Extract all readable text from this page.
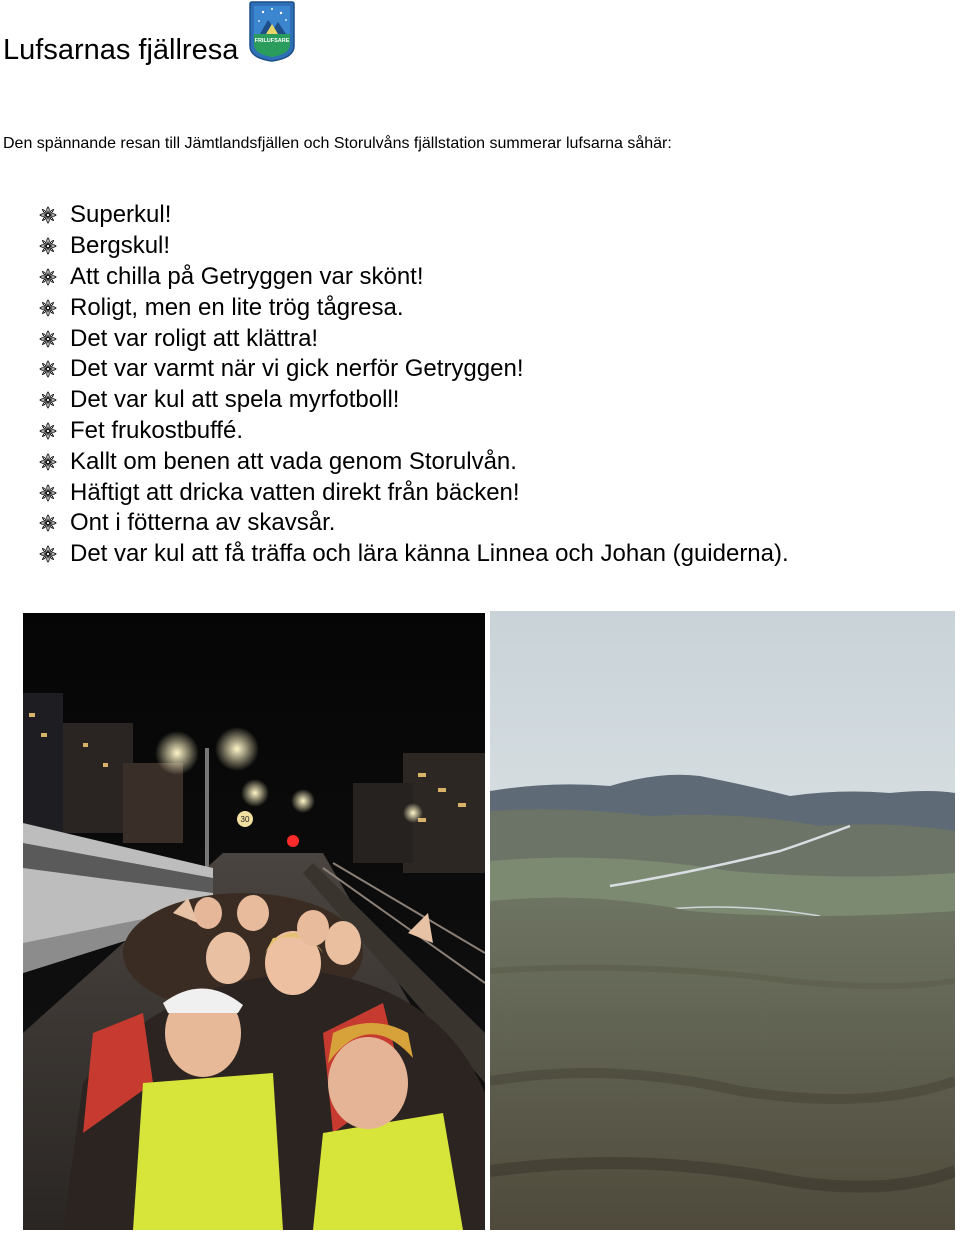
Lufsarnas fjällresa	FRILUFSARE
Den spännande resan till Jämtlandsfjällen och Storulvåns fjällstation summerar lufsarna såhär:
Superkul!
Bergskul!
Att chilla på Getryggen var skönt!
Roligt, men en lite trög tågresa.
Det var roligt att klättra!
Det var varmt när vi gick nerför Getryggen!
Det var kul att spela myrfotboll!
Fet frukostbuffé.
Kallt om benen att vada genom Storulvån.
Häftigt att dricka vatten direkt från bäcken!
Ont i fötterna av skavsår.
Det var kul att få träffa och lära känna Linnea och Johan (guiderna).
30
